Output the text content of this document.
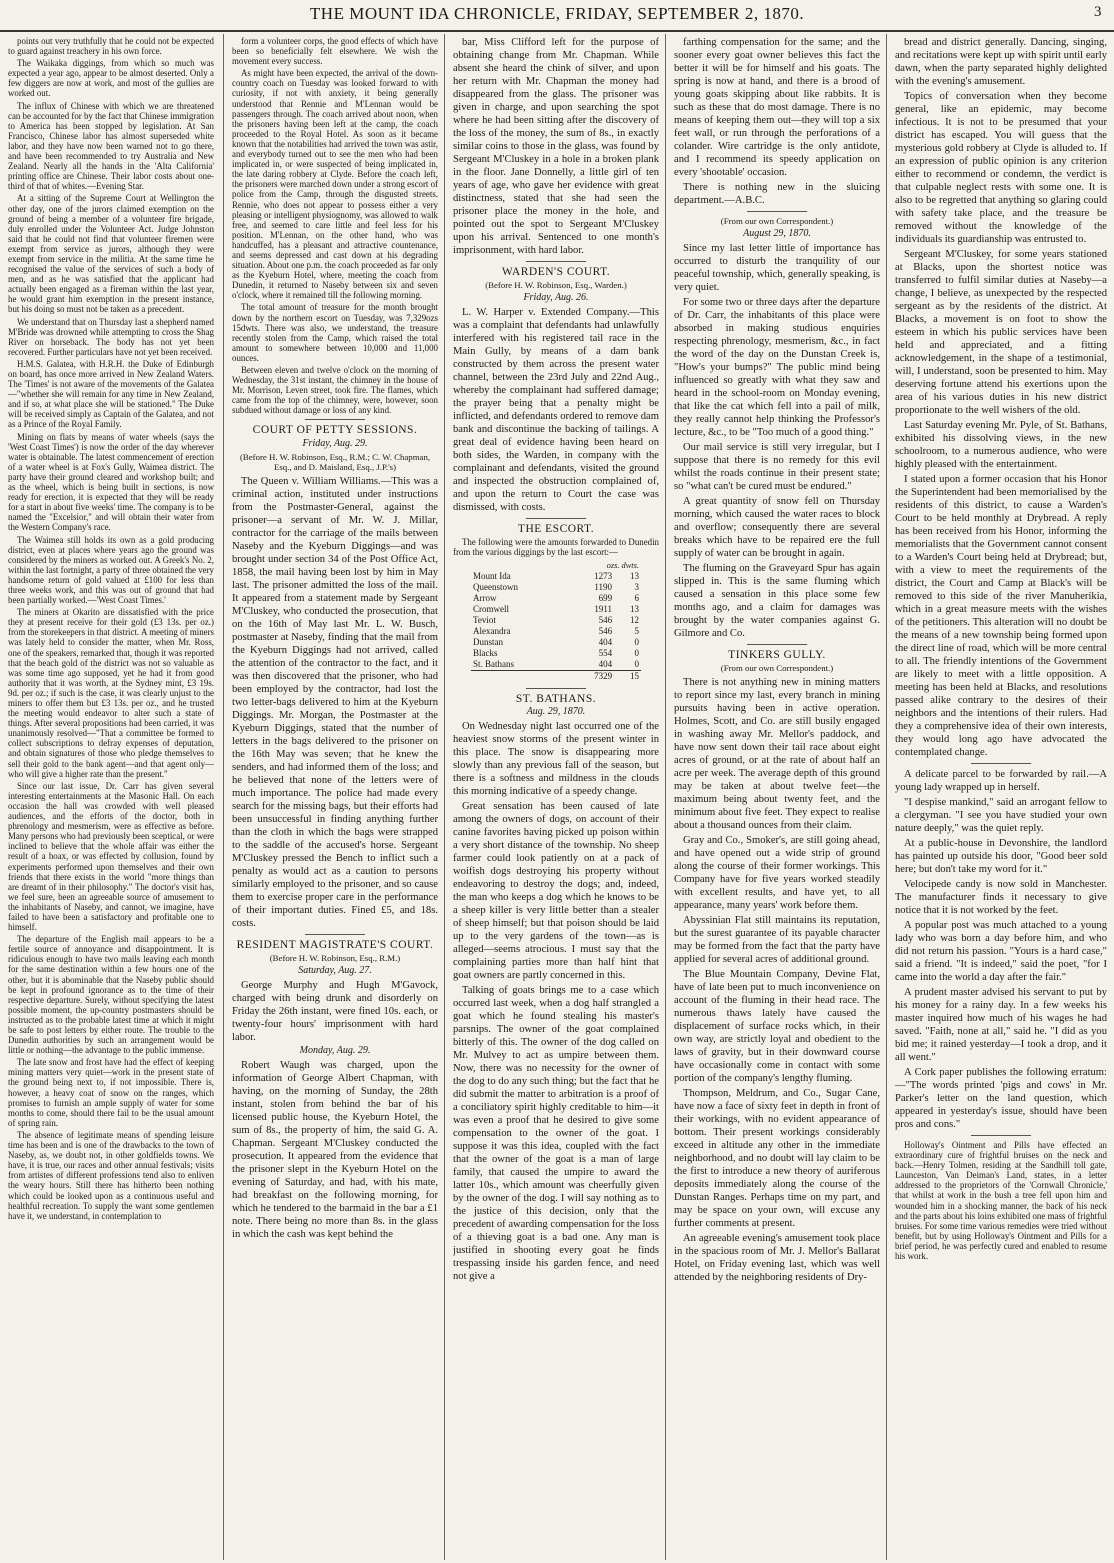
THE MOUNT IDA CHRONICLE, FRIDAY, SEPTEMBER 2, 1870.	3

points out very truthfully that he could not be expected to guard against treachery in his own force.

The Waikaka diggings, from which so much was expected a year ago, appear to be almost deserted. Only a few diggers are now at work, and most of the gullies are worked out.

The influx of Chinese with which we are threatened can be accounted for by the fact that Chinese immigration to America has been stopped by legislation. At San Francisco, Chinese labor has almost superseded white labor, and they have now been warned not to go there, and have been recommended to try Australia and New Zealand. Nearly all the hands in the 'Alta California' printing office are Chinese. Their labor costs about one-third of that of whites.—Evening Star.

At a sitting of the Supreme Court at Wellington the other day, one of the jurors claimed exemption on the ground of being a member of a volunteer fire brigade, duly enrolled under the Volunteer Act. Judge Johnston said that he could not find that volunteer firemen were exempt from service as jurors, although they were exempt from service in the militia. At the same time he recognised the value of the services of such a body of men, and as he was satisfied that the applicant had actually been engaged as a fireman within the last year, he would grant him exemption in the present instance, but his doing so must not be taken as a precedent.

We understand that on Thursday last a shepherd named M'Bride was drowned while attempting to cross the Shag River on horseback. The body has not yet been recovered. Further particulars have not yet been received.

H.M.S. Galatea, with H.R.H. the Duke of Edinburgh on board, has once more arrived in New Zealand Waters. The 'Times' is not aware of the movements of the Galatea—"whether she will remain for any time in New Zealand, and if so, at what place she will be stationed." The Duke will be received simply as Captain of the Galatea, and not as a Prince of the Royal Family.

Mining on flats by means of water wheels (says the 'West Coast Times') is now the order of the day wherever water is obtainable. The latest commencement of erection of a water wheel is at Fox's Gully, Waimea district. The party have their ground cleared and workshop built; and as the wheel, which is being built in sections, is now ready for erection, it is expected that they will be ready for a start in about five weeks' time. The company is to be named the "Excelsior," and will obtain their water from the Western Company's race.

The Waimea still holds its own as a gold producing district, even at places where years ago the ground was considered by the miners as worked out. A Greek's No. 2, within the last fortnight, a party of three obtained the very handsome return of gold valued at £100 for less than three weeks work, and this was out of ground that had been partially worked.—'West Coast Times.'

The miners at Okarito are dissatisfied with the price they at present receive for their gold (£3 13s. per oz.) from the storekeepers in that district. A meeting of miners was lately held to consider the matter, when Mr. Ross, one of the speakers, remarked that, though it was reported that the beach gold of the district was not so valuable as was some time ago supposed, yet he had it from good authority that it was worth, at the Sydney mint, £3 19s. 9d. per oz.; if such is the case, it was clearly unjust to the miners to offer them but £3 13s. per oz., and he trusted the meeting would endeavor to alter such a state of things. After several propositions had been carried, it was unanimously resolved—"That a committee be formed to collect subscriptions to defray expenses of deputation, and obtain signatures of those who pledge themselves to sell their gold to the bank agent—and that agent only—who will give a higher rate than the present."

Since our last issue, Dr. Carr has given several interesting entertainments at the Masonic Hall. On each occasion the hall was crowded with well pleased audiences, and the efforts of the doctor, both in phrenology and mesmerism, were as effective as before. Many persons who had previously been sceptical, or were inclined to believe that the whole affair was either the result of a hoax, or was effected by collusion, found by experiments performed upon themselves and their own friends that there exists in the world "more things than are dreamt of in their philosophy." The doctor's visit has, we feel sure, been an agreeable source of amusement to the inhabitants of Naseby, and cannot, we imagine, have failed to have been a satisfactory and profitable one to himself.

The departure of the English mail appears to be a fertile source of annoyance and disappointment. It is ridiculous enough to have two mails leaving each month for the same destination within a few hours one of the other, but it is abominable that the Naseby public should be kept in profound ignorance as to the time of their respective departure. Surely, without specifying the latest possible moment, the up-country postmasters should be instructed as to the probable latest time at which it might be safe to post letters by either route. The trouble to the Dunedin authorities by such an arrangement would be little or nothing—the advantage to the public immense.

The late snow and frost have had the effect of keeping mining matters very quiet—work in the present state of the ground being next to, if not impossible. There is, however, a heavy coat of snow on the ranges, which promises to furnish an ample supply of water for some months to come, should there fail to be the usual amount of spring rain.

The absence of legitimate means of spending leisure time has been and is one of the drawbacks to the town of Naseby, as, we doubt not, in other goldfields towns. We have, it is true, our races and other annual festivals; visits from artistes of different professions tend also to enliven the weary hours. Still there has hitherto been nothing which could be looked upon as a continuous useful and healthful recreation. To supply the want some gentlemen have it, we understand, in contemplation to

form a volunteer corps, the good effects of which have been so beneficially felt elsewhere. We wish the movement every success.

As might have been expected, the arrival of the down-country coach on Tuesday was looked forward to with curiosity, if not with anxiety, it being generally understood that Rennie and M'Lennan would be passengers through. The coach arrived about noon, when the prisoners having been left at the camp, the coach proceeded to the Royal Hotel. As soon as it became known that the notabilities had arrived the town was astir, and everybody turned out to see the men who had been implicated in, or were suspected of being implicated in, the late daring robbery at Clyde. Before the coach left, the prisoners were marched down under a strong escort of police from the Camp, through the disgusted streets. Rennie, who does not appear to possess either a very pleasing or intelligent physiognomy, was allowed to walk free, and seemed to care little and feel less for his position. M'Lennan, on the other hand, who was handcuffed, has a pleasant and attractive countenance, and seems depressed and cast down at his degrading situation. About one p.m. the coach proceeded as far only as the Kyeburn Hotel, where, meeting the coach from Dunedin, it returned to Naseby between six and seven o'clock, where it remained till the following morning.

The total amount of treasure for the month brought down by the northern escort on Tuesday, was 7,329ozs 15dwts. There was also, we understand, the treasure recently stolen from the Camp, which raised the total amount to somewhere between 10,000 and 11,000 ounces.

Between eleven and twelve o'clock on the morning of Wednesday, the 31st instant, the chimney in the house of Mr. Morrison, Leven street, took fire. The flames, which came from the top of the chimney, were, however, soon subdued without damage or loss of any kind.

COURT OF PETTY SESSIONS.
Friday, Aug. 29.
(Before H. W. Robinson, Esq., R.M.; C. W. Chapman, Esq., and D. Maisland, Esq., J.P.'s)

The Queen v. William Williams.—This was a criminal action, instituted under instructions from the Postmaster-General, against the prisoner—a servant of Mr. W. J. Millar, contractor for the carriage of the mails between Naseby and the Kyeburn Diggings—and was brought under section 34 of the Post Office Act, 1858, the mail having been lost by him in May last. The prisoner admitted the loss of the mail. It appeared from a statement made by Sergeant M'Cluskey, who conducted the prosecution, that on the 16th of May last Mr. L. W. Busch, postmaster at Naseby, finding that the mail from the Kyeburn Diggings had not arrived, called the attention of the contractor to the fact, and it was then discovered that the prisoner, who had been employed by the contractor, had lost the two letter-bags delivered to him at the Kyeburn Diggings. Mr. Morgan, the Postmaster at the Kyeburn Diggings, stated that the number of letters in the bags delivered to the prisoner on the 16th May was seven; that he knew the senders, and had informed them of the loss; and he believed that none of the letters were of much importance. The police had made every search for the missing bags, but their efforts had been unsuccessful in finding anything further than the cloth in which the bags were strapped to the saddle of the accused's horse. Sergeant M'Cluskey pressed the Bench to inflict such a penalty as would act as a caution to persons similarly employed to the prisoner, and so cause them to exercise proper care in the performance of their important duties. Fined £5, and 18s. costs.

RESIDENT MAGISTRATE'S COURT.
(Before H. W. Robinson, Esq., R.M.)
Saturday, Aug. 27.

George Murphy and Hugh M'Gavock, charged with being drunk and disorderly on Friday the 26th instant, were fined 10s. each, or twenty-four hours' imprisonment with hard labor.

Monday, Aug. 29.

Robert Waugh was charged, upon the information of George Albert Chapman, with having, on the morning of Sunday, the 28th instant, stolen from behind the bar of his licensed public house, the Kyeburn Hotel, the sum of 8s., the property of him, the said G. A. Chapman. Sergeant M'Cluskey conducted the prosecution. It appeared from the evidence that the prisoner slept in the Kyeburn Hotel on the evening of Saturday, and had, with his mate, had breakfast on the following morning, for which he tendered to the barmaid in the bar a £1 note. There being no more than 8s. in the glass in which the cash was kept behind the

bar, Miss Clifford left for the purpose of obtaining change from Mr. Chapman. While absent she heard the chink of silver, and upon her return with Mr. Chapman the money had disappeared from the glass. The prisoner was given in charge, and upon searching the spot where he had been sitting after the discovery of the loss of the money, the sum of 8s., in exactly similar coins to those in the glass, was found by Sergeant M'Cluskey in a hole in a broken plank in the floor. Jane Donnelly, a little girl of ten years of age, who gave her evidence with great distinctness, stated that she had seen the prisoner place the money in the hole, and pointed out the spot to Sergeant M'Cluskey upon his arrival. Sentenced to one month's imprisonment, with hard labor.

WARDEN'S COURT.
(Before H. W. Robinson, Esq., Warden.)
Friday, Aug. 26.

L. W. Harper v. Extended Company.—This was a complaint that defendants had unlawfully interfered with his registered tail race in the Main Gully, by means of a dam bank constructed by them across the present water channel, between the 23rd July and 22nd Aug., whereby the complainant had suffered damage; the prayer being that a penalty might be inflicted, and defendants ordered to remove dam bank and discontinue the backing of tailings. A great deal of evidence having been heard on both sides, the Warden, in company with the complainant and defendants, visited the ground and inspected the obstruction complained of, and upon the return to Court the case was dismissed, with costs.

THE ESCORT.

The following were the amounts forwarded to Dunedin from the various diggings by the last escort:—

	ozs. dwts.	
Mount Ida	1273	13
Queenstown	1190	3
Arrow	699	6
Cromwell	1911	13
Teviot	546	12
Alexandra	546	5
Dunstan	404	0
Blacks	554	0
St. Bathans	404	0
	7329	15
ST. BATHANS.
Aug. 29, 1870.

On Wednesday night last occurred one of the heaviest snow storms of the present winter in this place. The snow is disappearing more slowly than any previous fall of the season, but there is a softness and mildness in the clouds this morning indicative of a speedy change.

Great sensation has been caused of late among the owners of dogs, on account of their canine favorites having picked up poison within a very short distance of the township. No sheep farmer could look patiently on at a pack of woifish dogs destroying his property without endeavoring to destroy the dogs; and, indeed, the man who keeps a dog which he knows to be a sheep killer is very little better than a stealer of sheep himself; but that poison should be laid up to the very gardens of the town—as is alleged—seems atrocious. I must say that the complaining parties more than half hint that goat owners are partly concerned in this.

Talking of goats brings me to a case which occurred last week, when a dog half strangled a goat which he found stealing his master's parsnips. The owner of the goat complained bitterly of this. The owner of the dog called on Mr. Mulvey to act as umpire between them. Now, there was no necessity for the owner of the dog to do any such thing; but the fact that he did submit the matter to arbitration is a proof of a conciliatory spirit highly creditable to him—it was even a proof that he desired to give some compensation to the owner of the goat. I suppose it was this idea, coupled with the fact that the owner of the goat is a man of large family, that caused the umpire to award the latter 10s., which amount was cheerfully given by the owner of the dog. I will say nothing as to the justice of this decision, only that the precedent of awarding compensation for the loss of a thieving goat is a bad one. Any man is justified in shooting every goat he finds trespassing inside his garden fence, and need not give a

farthing compensation for the same; and the sooner every goat owner believes this fact the better it will be for himself and his goats. The spring is now at hand, and there is a brood of young goats skipping about like rabbits. It is such as these that do most damage. There is no means of keeping them out—they will top a six feet wall, or run through the perforations of a colander. Wire cartridge is the only antidote, and I recommend its speedy application on every 'shootable' occasion.

There is nothing new in the sluicing department.—A.B.C.

(From our own Correspondent.)
August 29, 1870.

Since my last letter little of importance has occurred to disturb the tranquility of our peaceful township, which, generally speaking, is very quiet.

For some two or three days after the departure of Dr. Carr, the inhabitants of this place were absorbed in making studious enquiries respecting phrenology, mesmerism, &c., in fact the word of the day on the Dunstan Creek is, "How's your bumps?" The public mind being influenced so greatly with what they saw and heard in the school-room on Monday evening, that like the cat which fell into a pail of milk, they really cannot help thinking the Professor's lecture, &c., to be "Too much of a good thing."

Our mail service is still very irregular, but I suppose that there is no remedy for this evil whilst the roads continue in their present state; so "what can't be cured must be endured."

A great quantity of snow fell on Thursday morning, which caused the water races to block and overflow; consequently there are several breaks which have to be repaired ere the full supply of water can be brought in again.

The fluming on the Graveyard Spur has again slipped in. This is the same fluming which caused a sensation in this place some few months ago, and a claim for damages was brought by the water companies against G. Gilmore and Co.

TINKERS GULLY.
(From our own Correspondent.)

There is not anything new in mining matters to report since my last, every branch in mining pursuits having been in active operation. Holmes, Scott, and Co. are still busily engaged in washing away Mr. Mellor's paddock, and have now sent down their tail race about eight acres of ground, or at the rate of about half an acre per week. The average depth of this ground may be taken at about twelve feet—the maximum being about twenty feet, and the minimum about five feet. They expect to realise about a thousand ounces from their claim.

Gray and Co., Smoker's, are still going ahead, and have opened out a wide strip of ground along the course of their former workings. This Company have for five years worked steadily with excellent results, and have yet, to all appearance, many years' work before them.

Abyssinian Flat still maintains its reputation, but the surest guarantee of its payable character may be formed from the fact that the party have applied for several acres of additional ground.

The Blue Mountain Company, Devine Flat, have of late been put to much inconvenience on account of the fluming in their head race. The numerous thaws lately have caused the displacement of surface rocks which, in their own way, are strictly loyal and obedient to the laws of gravity, but in their downward course have occasionally come in contact with some portion of the company's lengthy fluming.

Thompson, Meldrum, and Co., Sugar Cane, have now a face of sixty feet in depth in front of their workings, with no evident appearance of bottom. Their present workings considerably exceed in altitude any other in the immediate neighborhood, and no doubt will lay claim to be the first to introduce a new theory of auriferous deposits immediately along the course of the Dunstan Ranges. Perhaps time on my part, and may be space on your own, will excuse any further comments at present.

An agreeable evening's amusement took place in the spacious room of Mr. J. Mellor's Ballarat Hotel, on Friday evening last, which was well attended by the neighboring residents of Dry-

bread and district generally. Dancing, singing, and recitations were kept up with spirit until early dawn, when the party separated highly delighted with the evening's amusement.

Topics of conversation when they become general, like an epidemic, may become infectious. It is not to be presumed that your district has escaped. You will guess that the mysterious gold robbery at Clyde is alluded to. If an expression of public opinion is any criterion either to recommend or condemn, the verdict is that culpable neglect rests with some one. It is also to be regretted that anything so glaring could with safety take place, and the treasure be removed without the knowledge of the individuals its guardianship was entrusted to.

Sergeant M'Cluskey, for some years stationed at Blacks, upon the shortest notice was transferred to fulfil similar duties at Naseby—a change, I believe, as unexpected by the respected sergeant as by the residents of the district. At Blacks, a movement is on foot to show the esteem in which his public services have been held and appreciated, and a fitting acknowledgement, in the shape of a testimonial, will, I understand, soon be presented to him. May deserving fortune attend his exertions upon the area of his various duties in his new district proportionate to the well wishers of the old.

Last Saturday evening Mr. Pyle, of St. Bathans, exhibited his dissolving views, in the new schoolroom, to a numerous audience, who were highly pleased with the entertainment.

I stated upon a former occasion that his Honor the Superintendent had been memorialised by the residents of this district, to cause a Warden's Court to be held monthly at Drybread. A reply has been received from his Honor, informing the memorialists that the Government cannot consent to a Warden's Court being held at Drybread; but, with a view to meet the requirements of the district, the Court and Camp at Black's will be removed to this side of the river Manuherikia, which in a great measure meets with the wishes of the petitioners. This alteration will no doubt be the means of a new township being formed upon the direct line of road, which will be more central to all. The friendly intentions of the Government are likely to meet with a little opposition. A meeting has been held at Blacks, and resolutions passed alike contrary to the desires of their neighbors and the intentions of their rulers. Had they a comprehensive idea of their own interests, they would long ago have advocated the contemplated change.

A delicate parcel to be forwarded by rail.—A young lady wrapped up in herself.

"I despise mankind," said an arrogant fellow to a clergyman. "I see you have studied your own nature deeply," was the quiet reply.

At a public-house in Devonshire, the landlord has painted up outside his door, "Good beer sold here; but don't take my word for it."

Velocipede candy is now sold in Manchester. The manufacturer finds it necessary to give notice that it is not worked by the feet.

A popular post was much attached to a young lady who was born a day before him, and who did not return his passion. "Yours is a hard case," said a friend. "It is indeed," said the poet, "for I came into the world a day after the fair."

A prudent master advised his servant to put by his money for a rainy day. In a few weeks his master inquired how much of his wages he had saved. "Faith, none at all," said he. "I did as you bid me; it rained yesterday—I took a drop, and it all went."

A Cork paper publishes the following erratum:—"The words printed 'pigs and cows' in Mr. Parker's letter on the land question, which appeared in yesterday's issue, should have been pros and cons."

Holloway's Ointment and Pills have effected an extraordinary cure of frightful bruises on the neck and back.—Henry Tolmen, residing at the Sandhill toll gate, Launceston, Van Deiman's Land, states, in a letter addressed to the proprietors of the 'Cornwall Chronicle,' that whilst at work in the bush a tree fell upon him and wounded him in a shocking manner, the back of his neck and the parts about his loins exhibited one mass of frightful bruises. For some time various remedies were tried without benefit, but by using Holloway's Ointment and Pills for a brief period, he was perfectly cured and enabled to resume his work.
